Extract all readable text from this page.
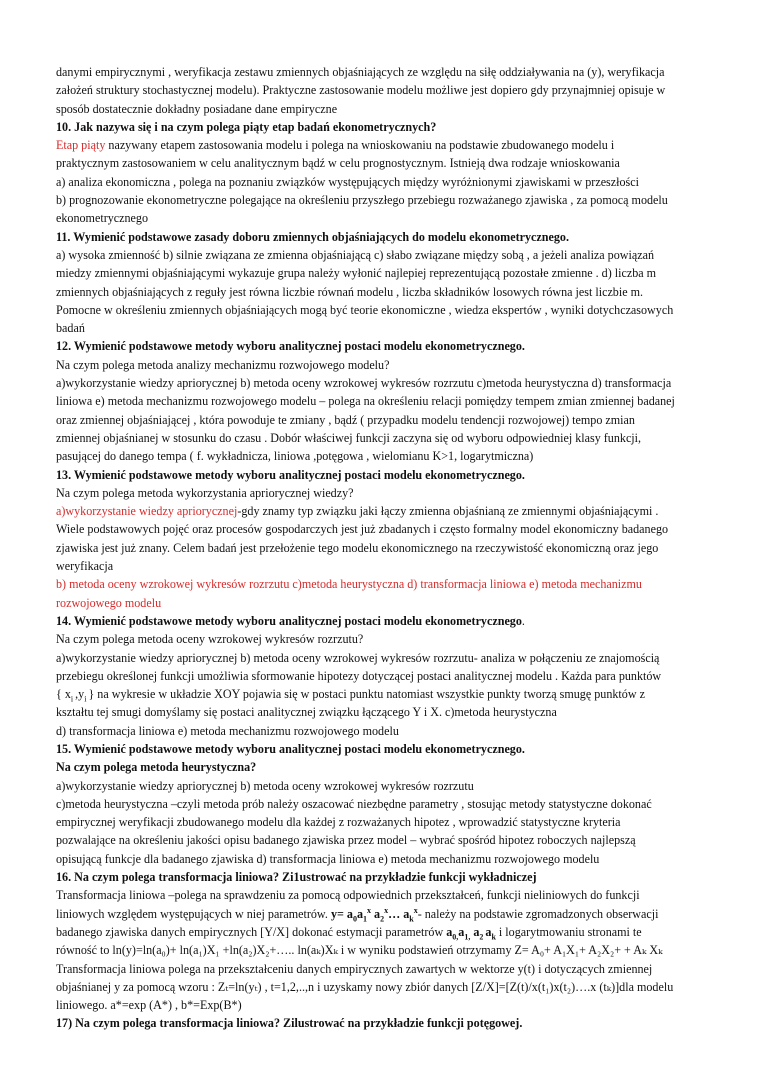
danymi empirycznymi , weryfikacja zestawu zmiennych objaśniających ze względu na siłę oddziaływania na (y), weryfikacja

założeń struktury stochastycznej modelu). Praktyczne zastosowanie modelu możliwe jest dopiero gdy przynajmniej opisuje w

sposób dostatecznie dokładny posiadane dane empiryczne

10. Jak nazywa się i na czym polega piąty etap badań ekonometrycznych?

Etap piąty nazywany etapem zastosowania modelu i polega na wnioskowaniu na podstawie zbudowanego modelu i

praktycznym zastosowaniem w celu analitycznym bądź w celu prognostycznym. Istnieją dwa rodzaje wnioskowania

a) analiza ekonomiczna , polega na poznaniu związków występujących między wyróżnionymi zjawiskami w przeszłości

b) prognozowanie ekonometryczne polegające na określeniu przyszłego przebiegu rozważanego zjawiska , za pomocą modelu

ekonometrycznego

11. Wymienić podstawowe zasady doboru zmiennych objaśniających do modelu ekonometrycznego.

a) wysoka zmienność b) silnie związana ze zmienna objaśniającą c) słabo związane między sobą , a jeżeli analiza powiązań

miedzy zmiennymi objaśniającymi wykazuje grupa należy wyłonić najlepiej reprezentującą pozostałe zmienne . d) liczba m

zmiennych objaśniających z reguły jest równa liczbie równań modelu , liczba składników losowych równa jest liczbie m.

Pomocne w określeniu zmiennych objaśniających mogą być teorie ekonomiczne , wiedza ekspertów , wyniki dotychczasowych

badań

12. Wymienić podstawowe metody wyboru analitycznej postaci modelu ekonometrycznego.

Na czym polega metoda analizy mechanizmu rozwojowego modelu?

a)wykorzystanie wiedzy apriorycznej b) metoda oceny wzrokowej wykresów rozrzutu c)metoda heurystyczna d) transformacja

liniowa e) metoda mechanizmu rozwojowego modelu – polega na określeniu relacji pomiędzy tempem zmian zmiennej badanej

oraz zmiennej objaśniającej , która powoduje te zmiany , bądź ( przypadku modelu tendencji rozwojowej) tempo zmian

zmiennej objaśnianej w stosunku do czasu . Dobór właściwej funkcji zaczyna się od wyboru odpowiedniej klasy funkcji,

pasującej do danego tempa ( f. wykładnicza, liniowa ,potęgowa , wielomianu K>1, logarytmiczna)

13. Wymienić podstawowe metody wyboru analitycznej postaci modelu ekonometrycznego.

Na czym polega metoda wykorzystania apriorycznej wiedzy?

a)wykorzystanie wiedzy apriorycznej-gdy znamy typ związku jaki łączy zmienna objaśnianą ze zmiennymi objaśniającymi .

Wiele podstawowych pojęć oraz procesów gospodarczych jest już zbadanych i często formalny model ekonomiczny badanego

zjawiska jest już znany. Celem badań jest przełożenie tego modelu ekonomicznego na rzeczywistość ekonomiczną oraz jego

weryfikacja

b) metoda oceny wzrokowej wykresów rozrzutu c)metoda heurystyczna d) transformacja liniowa e) metoda mechanizmu

rozwojowego modelu

14. Wymienić podstawowe metody wyboru analitycznej postaci modelu ekonometrycznego.

Na czym polega metoda oceny wzrokowej wykresów rozrzutu?

a)wykorzystanie wiedzy apriorycznej b) metoda oceny wzrokowej wykresów rozrzutu- analiza w połączeniu ze znajomością

przebiegu określonej funkcji umożliwia sformowanie hipotezy dotyczącej postaci analitycznej modelu . Każda para punktów

{ $x_i$ $,y_i$ } na wykresie w układzie XOY pojawia się w postaci punktu natomiast wszystkie punkty tworzą smugę punktów z

kształtu tej smugi domyślamy się postaci analitycznej związku łączącego Y i X. c)metoda heurystyczna

d) transformacja liniowa e) metoda mechanizmu rozwojowego modelu

15. Wymienić podstawowe metody wyboru analitycznej postaci modelu ekonometrycznego.

Na czym polega metoda heurystyczna?

a)wykorzystanie wiedzy apriorycznej b) metoda oceny wzrokowej wykresów rozrzutu

c)metoda heurystyczna –czyli metoda prób należy oszacować niezbędne parametry , stosując metody statystyczne dokonać

empirycznej weryfikacji zbudowanego modelu dla każdej z rozważanych hipotez , wprowadzić statystyczne kryteria

pozwalające na określeniu jakości opisu badanego zjawiska przez model – wybrać spośród hipotez roboczych najlepszą

opisującą funkcje dla badanego zjawiska d) transformacja liniowa e) metoda mechanizmu rozwojowego modelu

16. Na czym polega transformacja liniowa? Zi1ustrować na przykładzie funkcji wykładniczej

Transformacja liniowa –polega na sprawdzeniu za pomocą odpowiednich przekształceń, funkcji nieliniowych do funkcji

liniowych względem występujących w niej parametrów. $y= a_0a_1^x$ $a_2^x\dots$ $a_k^x-$ należy na podstawie zgromadzonych obserwacji

badanego zjawiska danych empirycznych [Y/X] dokonać estymacji parametrów $a_{0,}a_{1,}$ $a_2$ $a_k$ i logarytmowaniu stronami te

równość to ln(y)=ln(a₀)+ ln(a₁)X₁ +ln(a₂)X₂+….. ln(aₖ)Xₖ i w wyniku podstawień otrzymamy Z= A₀+ A₁X₁+ A₂X₂+ + Aₖ Xₖ

Transformacja liniowa polega na przekształceniu danych empirycznych zawartych w wektorze y(t) i dotyczących zmiennej

objaśnianej y za pomocą wzoru : Zₜ=ln(yₜ) , t=1,2,..,n i uzyskamy nowy zbiór danych [Z/X]=[Z(t)/x(t₁)x(t₂)….x (tₖ)]dla modelu

liniowego. a*=exp (A*) , b*=Exp(B*)

17) Na czym polega transformacja liniowa? Zilustrować na przykładzie funkcji potęgowej.
